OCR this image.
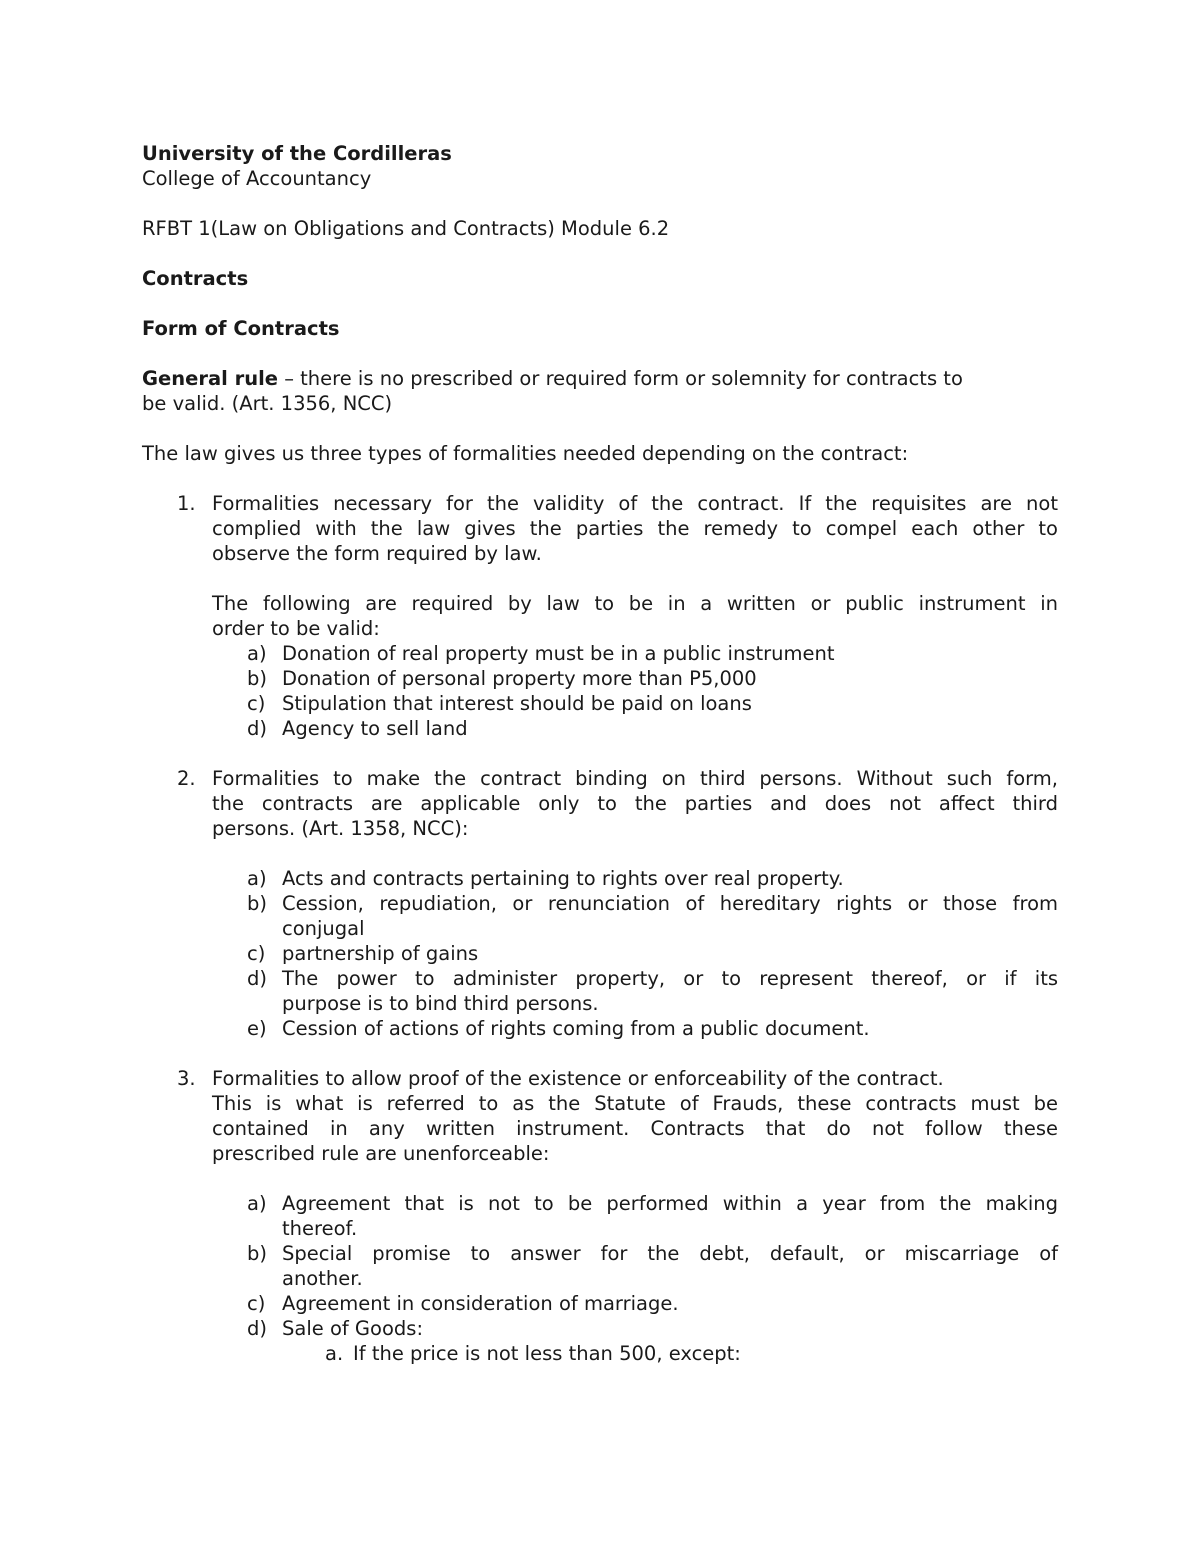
University of the Cordilleras

College of Accountancy

RFBT 1(Law on Obligations and Contracts) Module 6.2

Contracts

Form of Contracts

General rule – there is no prescribed or required form or solemnity for contracts to

be valid. (Art. 1356, NCC)

The law gives us three types of formalities needed depending on the contract:

1. Formalities necessary for the validity of the contract. If the requisites are not

complied with the law gives the parties the remedy to compel each other to

observe the form required by law.

The following are required by law to be in a written or public instrument in

order to be valid:

a) Donation of real property must be in a public instrument

b) Donation of personal property more than P5,000

c) Stipulation that interest should be paid on loans

d) Agency to sell land

2. Formalities to make the contract binding on third persons. Without such form,

the contracts are applicable only to the parties and does not affect third

persons. (Art. 1358, NCC):

a) Acts and contracts pertaining to rights over real property.

b) Cession, repudiation, or renunciation of hereditary rights or those from

conjugal

c) partnership of gains

d) The power to administer property, or to represent thereof, or if its

purpose is to bind third persons.

e) Cession of actions of rights coming from a public document.

3. Formalities to allow proof of the existence or enforceability of the contract.

This is what is referred to as the Statute of Frauds, these contracts must be

contained in any written instrument. Contracts that do not follow these

prescribed rule are unenforceable:

a) Agreement that is not to be performed within a year from the making

thereof.

b) Special promise to answer for the debt, default, or miscarriage of

another.

c) Agreement in consideration of marriage.

d) Sale of Goods:

a. If the price is not less than 500, except:
